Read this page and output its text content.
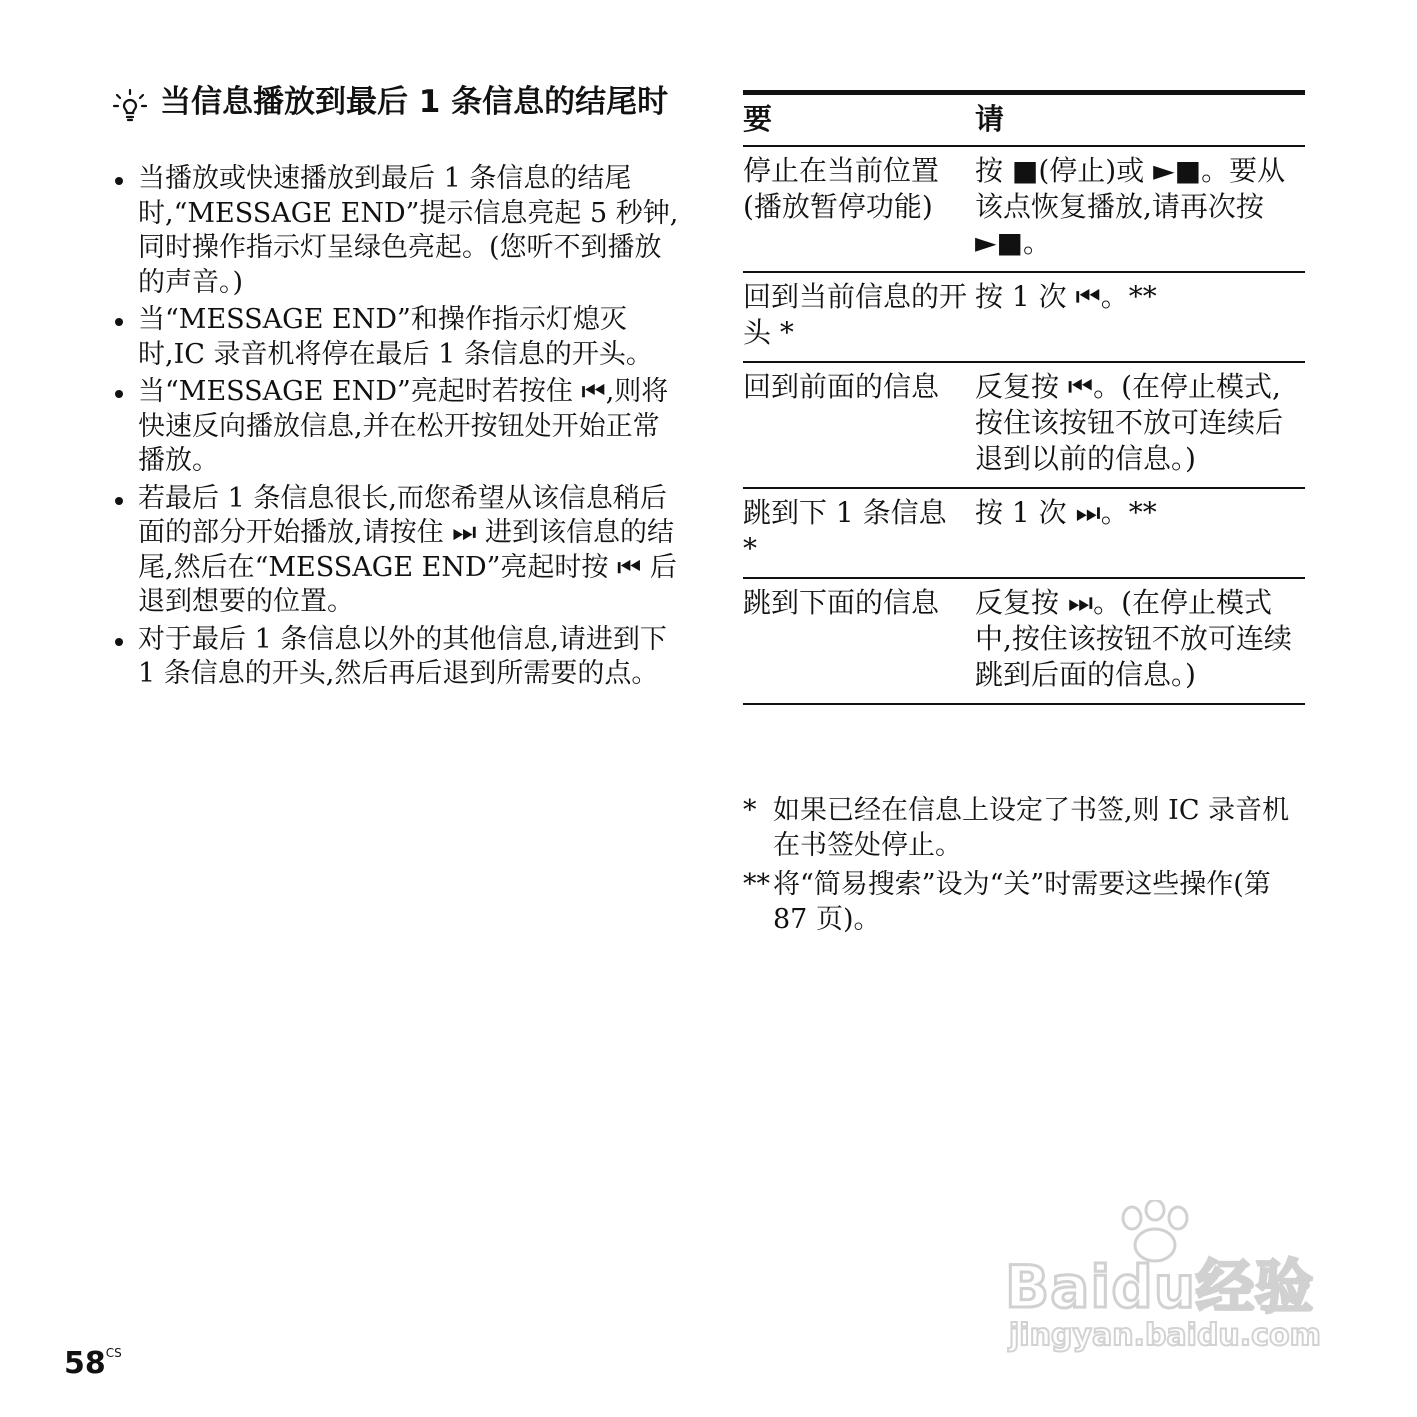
当信息播放到最后 1 条信息的结尾时
当播放或快速播放到最后 1 条信息的结尾时,“MESSAGE END”提示信息亮起 5 秒钟,同时操作指示灯呈绿色亮起。(您听不到播放的声音。)
当“MESSAGE END”和操作指示灯熄灭时,IC 录音机将停在最后 1 条信息的开头。
当“MESSAGE END”亮起时若按住 ⏮,则将快速反向播放信息,并在松开按钮处开始正常播放。
若最后 1 条信息很长,而您希望从该信息稍后面的部分开始播放,请按住 ⏭ 进到该信息的结尾,然后在“MESSAGE END”亮起时按 ⏮ 后退到想要的位置。
对于最后 1 条信息以外的其他信息,请进到下 1 条信息的开头,然后再后退到所需要的点。
要	请
停止在当前位置(播放暂停功能)	按 ■(停止)或 ►■。要从该点恢复播放,请再次按 ►■。
回到当前信息的开头 *	按 1 次 ⏮。**
回到前面的信息	反复按 ⏮。(在停止模式,按住该按钮不放可连续后退到以前的信息。)
跳到下 1 条信息 *	按 1 次 ⏭。**
跳到下面的信息	反复按 ⏭。(在停止模式中,按住该按钮不放可连续跳到后面的信息。)
* 如果已经在信息上设定了书签,则 IC 录音机在书签处停止。
** 将“简易搜索”设为“关”时需要这些操作(第 87 页)。
$58^{CS}$
Baidu经验
jingyan.baidu.com
